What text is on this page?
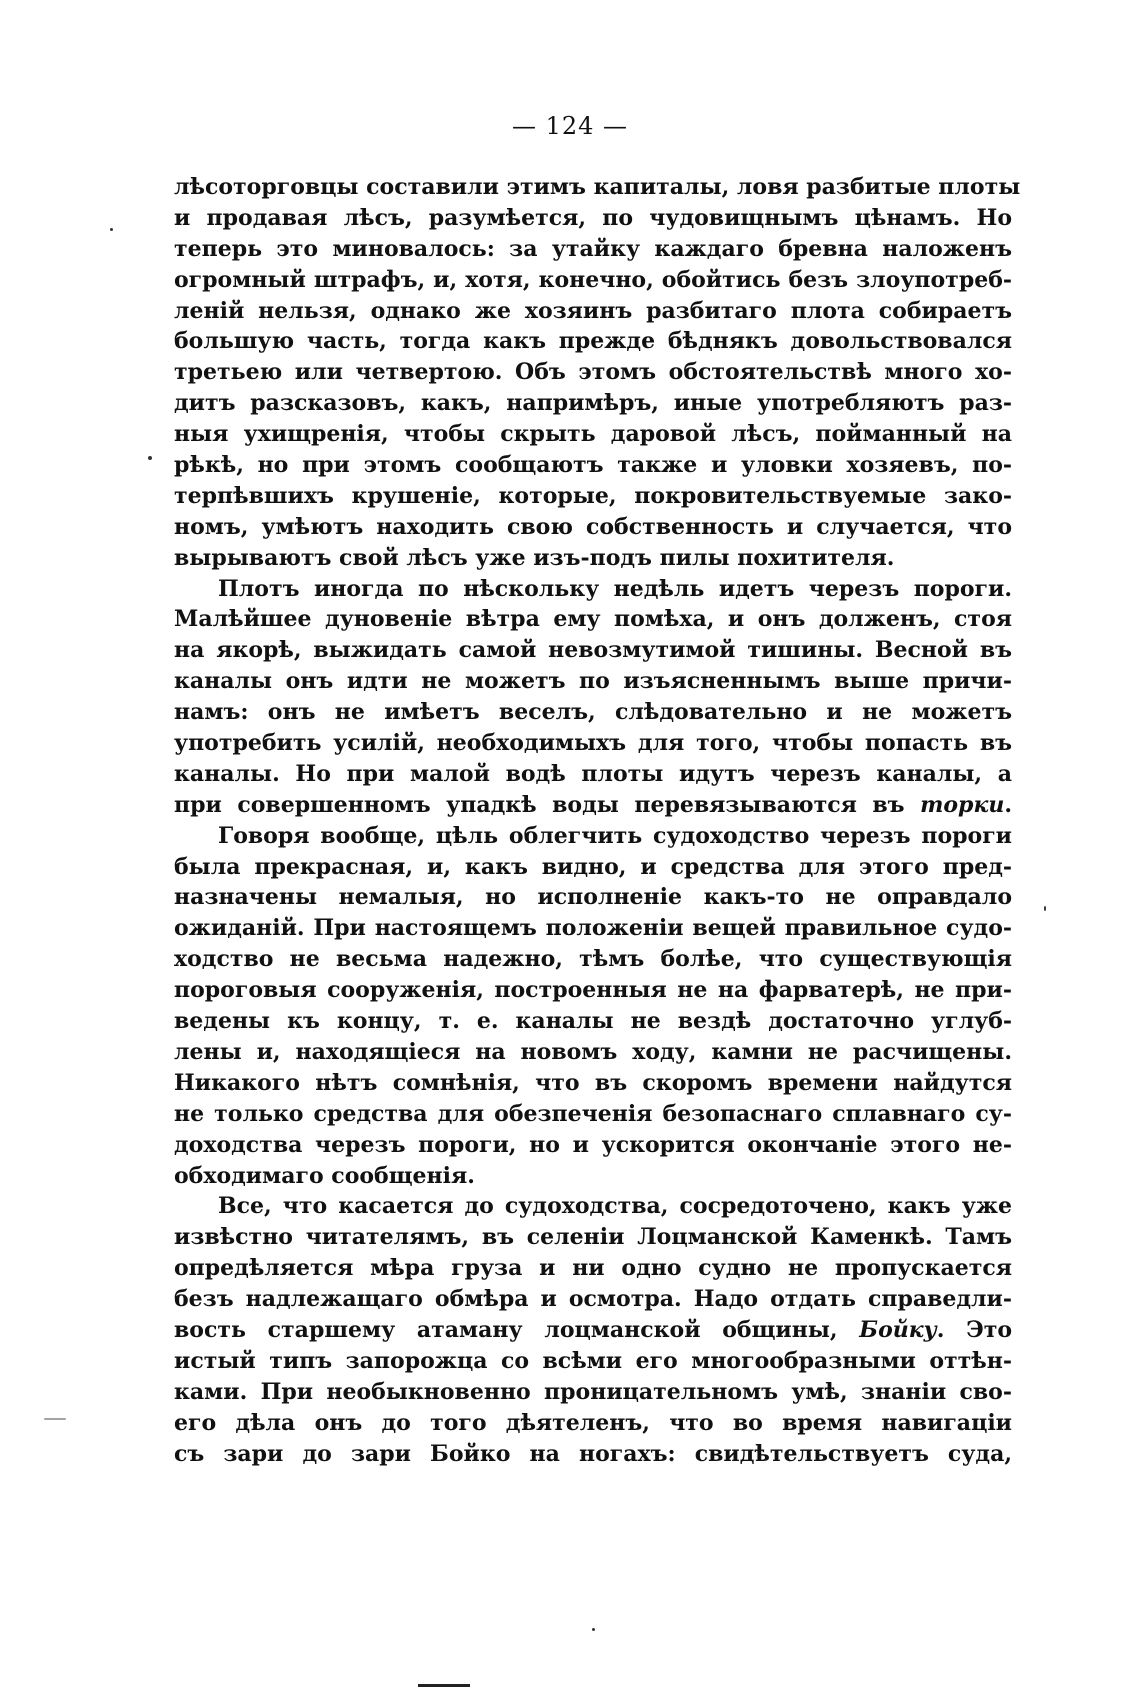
— 124 —
лѣсоторговцы составили этимъ капиталы, ловя разбитые плоты
и продавая лѣсъ, разумѣется, по чудовищнымъ цѣнамъ. Но
теперь это миновалось: за утайку каждаго бревна наложенъ
огромный штрафъ, и, хотя, конечно, обойтись безъ злоупотреб-
леній нельзя, однако же хозяинъ разбитаго плота собираетъ
большую часть, тогда какъ прежде бѣднякъ довольствовался
третьею или четвертою. Объ этомъ обстоятельствѣ много хо-
дитъ разсказовъ, какъ, напримѣръ, иные употребляютъ раз-
ныя ухищренія, чтобы скрыть даровой лѣсъ, пойманный на
рѣкѣ, но при этомъ сообщаютъ также и уловки хозяевъ, по-
терпѣвшихъ крушеніе, которые, покровительствуемые зако-
номъ, умѣютъ находить свою собственность и случается, что
вырываютъ свой лѣсъ уже изъ-подъ пилы похитителя.
Плотъ иногда по нѣскольку недѣль идетъ черезъ пороги.
Малѣйшее дуновеніе вѣтра ему помѣха, и онъ долженъ, стоя
на якорѣ, выжидать самой невозмутимой тишины. Весной въ
каналы онъ идти не можетъ по изъясненнымъ выше причи-
намъ: онъ не имѣетъ веселъ, слѣдовательно и не можетъ
употребить усилій, необходимыхъ для того, чтобы попасть въ
каналы. Но при малой водѣ плоты идутъ черезъ каналы, а
при совершенномъ упадкѣ воды перевязываются въ торки.
Говоря вообще, цѣль облегчить судоходство черезъ пороги
была прекрасная, и, какъ видно, и средства для этого пред-
назначены немалыя, но исполненіе какъ-то не оправдало
ожиданій. При настоящемъ положеніи вещей правильное судо-
ходство не весьма надежно, тѣмъ болѣе, что существующія
пороговыя сооруженія, построенныя не на фарватерѣ, не при-
ведены къ концу, т. е. каналы не вездѣ достаточно углуб-
лены и, находящіеся на новомъ ходу, камни не расчищены.
Никакого нѣтъ сомнѣнія, что въ скоромъ времени найдутся
не только средства для обезпеченія безопаснаго сплавнаго су-
доходства черезъ пороги, но и ускорится окончаніе этого не-
обходимаго сообщенія.
Все, что касается до судоходства, сосредоточено, какъ уже
извѣстно читателямъ, въ селеніи Лоцманской Каменкѣ. Тамъ
опредѣляется мѣра груза и ни одно судно не пропускается
безъ надлежащаго обмѣра и осмотра. Надо отдать справедли-
вость старшему атаману лоцманской общины, Бойку. Это
истый типъ запорожца со всѣми его многообразными оттѣн-
ками. При необыкновенно проницательномъ умѣ, знаніи сво-
его дѣла онъ до того дѣятеленъ, что во время навигаціи
съ зари до зари Бойко на ногахъ: свидѣтельствуетъ суда,
